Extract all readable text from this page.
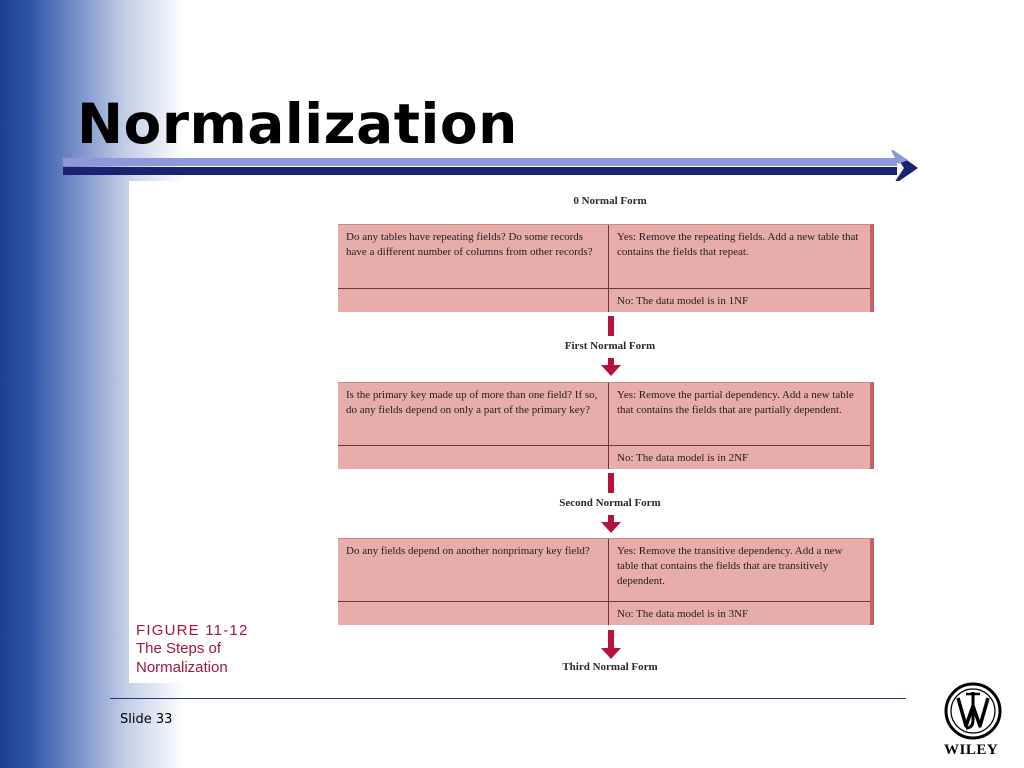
Normalization
0 Normal Form
Do any tables have repeating fields? Do some records have a different number of columns from other records?
Yes: Remove the repeating fields. Add a new table that contains the fields that repeat.
No: The data model is in 1NF
First Normal Form
Is the primary key made up of more than one field? If so, do any fields depend on only a part of the primary key?
Yes: Remove the partial dependency. Add a new table that contains the fields that are partially dependent.
No: The data model is in 2NF
Second Normal Form
Do any fields depend on another nonprimary key field?	Yes: Remove the transitive dependency. Add a new table that contains the fields that are transitively dependent.
No: The data model is in 3NF
Third Normal Form
FIGURE 11-12
The Steps of Normalization
Slide 33
WILEY
